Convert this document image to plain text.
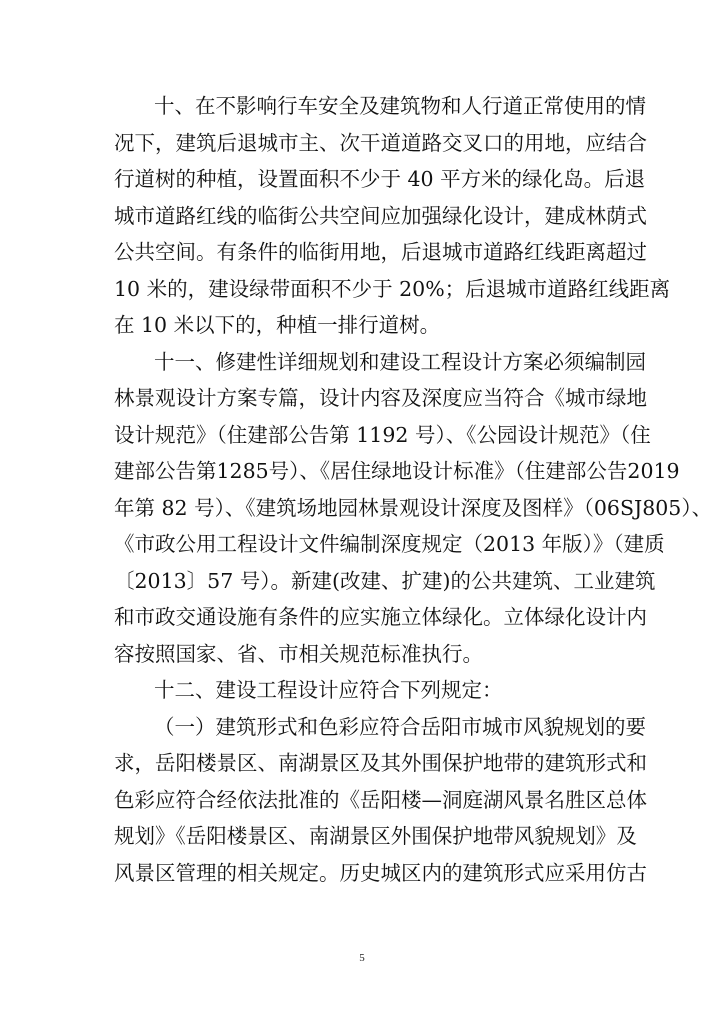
十、在不影响行车安全及建筑物和人行道正常使用的情
况下，建筑后退城市主、次干道道路交叉口的用地，应结合
行道树的种植，设置面积不少于 40 平方米的绿化岛。后退
城市道路红线的临街公共空间应加强绿化设计，建成林荫式
公共空间。有条件的临街用地，后退城市道路红线距离超过
10 米的，建设绿带面积不少于 20%；后退城市道路红线距离
在 10 米以下的，种植一排行道树。
十一、修建性详细规划和建设工程设计方案必须编制园
林景观设计方案专篇，设计内容及深度应当符合《城市绿地
设计规范》（住建部公告第 1192 号）、《公园设计规范》（住
建部公告第1285号）、《居住绿地设计标准》（住建部公告2019
年第 82 号）、《建筑场地园林景观设计深度及图样》（06SJ805）、
《市政公用工程设计文件编制深度规定（2013 年版）》（建质
〔2013〕57 号）。新建(改建、扩建)的公共建筑、工业建筑
和市政交通设施有条件的应实施立体绿化。立体绿化设计内
容按照国家、省、市相关规范标准执行。
十二、建设工程设计应符合下列规定：
（一）建筑形式和色彩应符合岳阳市城市风貌规划的要
求，岳阳楼景区、南湖景区及其外围保护地带的建筑形式和
色彩应符合经依法批准的《岳阳楼—洞庭湖风景名胜区总体
规划》《岳阳楼景区、南湖景区外围保护地带风貌规划》及
风景区管理的相关规定。历史城区内的建筑形式应采用仿古
5
